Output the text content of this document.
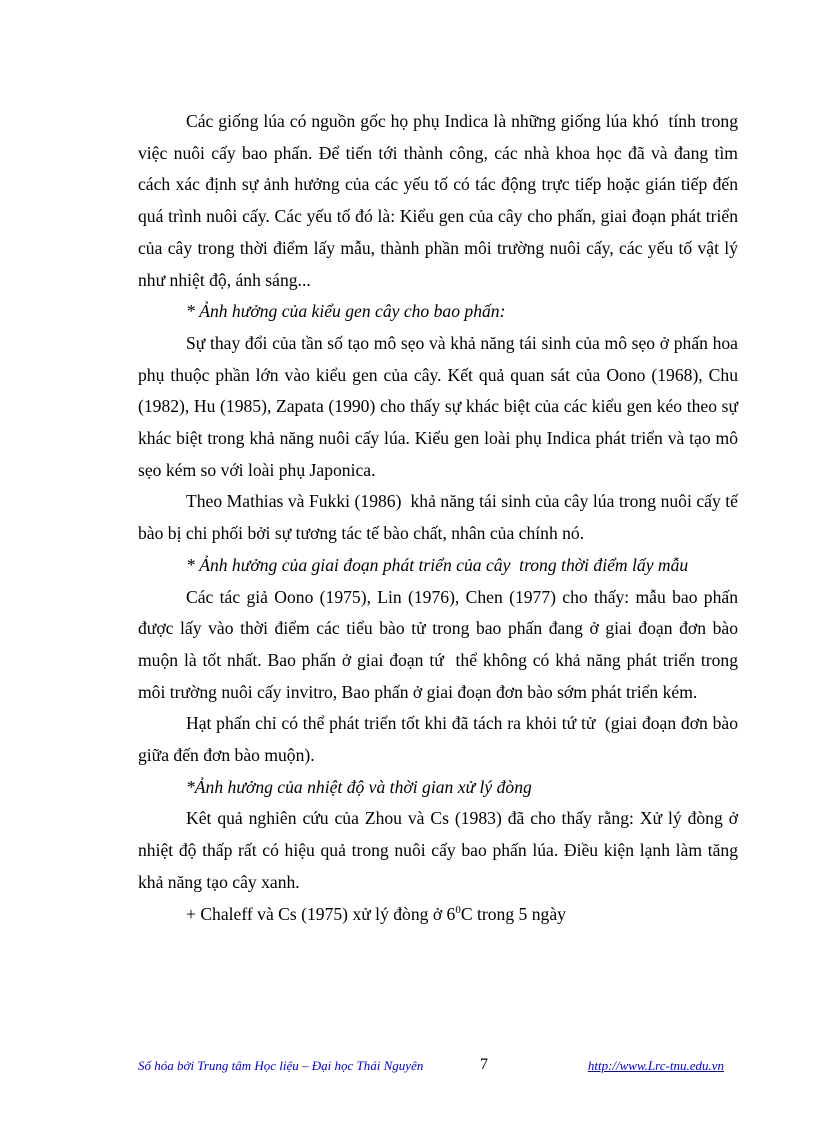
Các giống lúa có nguồn gốc họ phụ Indica là những giống lúa khó  tính trong việc nuôi cấy bao phấn. Để tiến tới thành công, các nhà khoa học đã và đang tìm cách xác định sự ảnh hưởng của các yếu tố có tác động trực tiếp hoặc gián tiếp đến quá trình nuôi cấy. Các yếu tố đó là: Kiểu gen của cây cho phấn, giai đoạn phát triển của cây trong thời điểm lấy mẫu, thành phần môi trường nuôi cấy, các yếu tố vật lý như nhiệt độ, ánh sáng...

* Ảnh hưởng của kiểu gen cây cho bao phấn:

Sự thay đổi của tần số tạo mô sẹo và khả năng tái sinh của mô sẹo ở phấn hoa phụ thuộc phần lớn vào kiểu gen của cây. Kết quả quan sát của Oono (1968), Chu (1982), Hu (1985), Zapata (1990) cho thấy sự khác biệt của các kiểu gen kéo theo sự khác biệt trong khả năng nuôi cấy lúa. Kiểu gen loài phụ Indica phát triển và tạo mô sẹo kém so với loài phụ Japonica.

Theo Mathias và Fukki (1986)  khả năng tái sinh của cây lúa trong nuôi cấy tế bào bị chi phối bởi sự tương tác tế bào chất, nhân của chính nó.

* Ảnh hưởng của giai đoạn phát triển của cây  trong thời điểm lấy mẫu

Các tác giả Oono (1975), Lin (1976), Chen (1977) cho thấy: mẫu bao phấn được lấy vào thời điểm các tiểu bào tử trong bao phấn đang ở giai đoạn đơn bào muộn là tốt nhất. Bao phấn ở giai đoạn tứ  thể không có khả năng phát triển trong môi trường nuôi cấy invitro, Bao phấn ở giai đoạn đơn bào sớm phát triển kém.

Hạt phấn chỉ có thể phát triển tốt khi đã tách ra khỏi tứ tử  (giai đoạn đơn bào giữa đến đơn bào muộn).

*Ảnh hưởng của nhiệt độ và thời gian xử lý đòng

Kêt quả nghiên cứu của Zhou và Cs (1983) đã cho thấy rằng: Xử lý đòng ở nhiệt độ thấp rất có hiệu quả trong nuôi cấy bao phấn lúa. Điều kiện lạnh làm tăng khả năng tạo cây xanh.

+ Chaleff và Cs (1975) xử lý đòng ở $6^0C$ trong 5 ngày

Số hóa bởi Trung tâm Học liệu – Đại học Thái Nguyên	7	http://www.Lrc-tnu.edu.vn
